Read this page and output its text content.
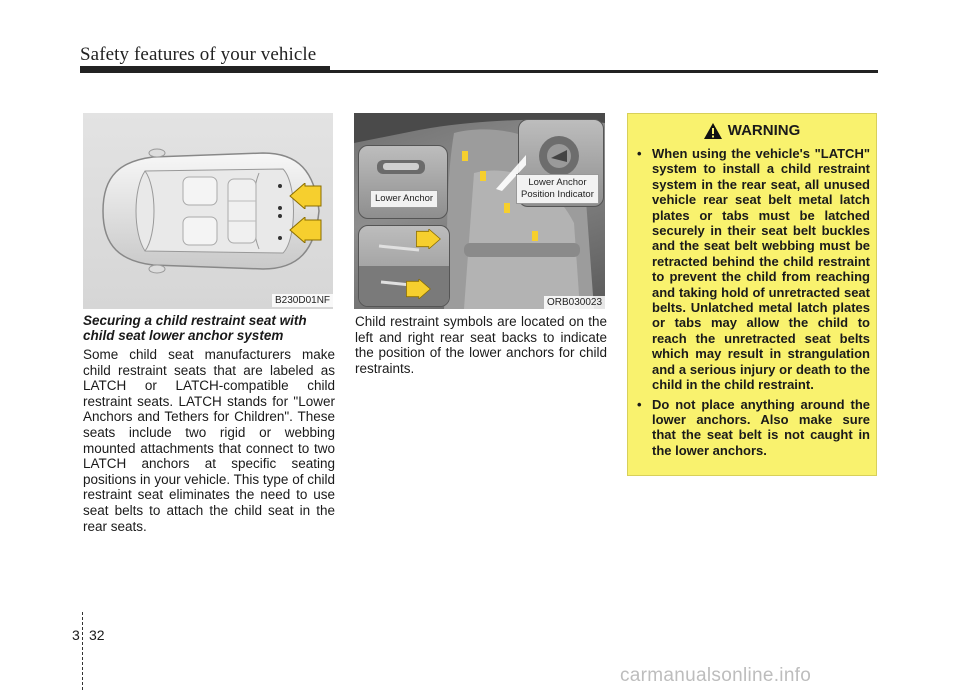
Safety features of your vehicle
B230D01NF
Lower Anchor
Lower Anchor
Position Indicator
ORB030023
Securing a child restraint seat with
child seat lower anchor system

Some child seat manufacturers make child restraint seats that are labeled as LATCH or LATCH-compatible child restraint seats. LATCH stands for "Lower Anchors and Tethers for Children". These seats include two rigid or webbing mounted attachments that connect to two LATCH anchors at specific seating positions in your vehicle. This type of child restraint seat eliminates the need to use seat belts to attach the child seat in the rear seats.

Child restraint symbols are located on the left and right rear seat backs to indicate the position of the lower anchors for child restraints.

WARNING
• When using the vehicle's "LATCH" system to install a child restraint system in the rear seat, all unused vehicle rear seat belt metal latch plates or tabs must be latched securely in their seat belt buckles and the seat belt webbing must be retracted behind the child restraint to prevent the child from reaching and taking hold of unretracted seat belts. Unlatched metal latch plates or tabs may allow the child to reach the unretracted seat belts which may result in strangulation and a serious injury or death to the child in the child restraint.
• Do not place anything around the lower anchors. Also make sure that the seat belt is not caught in the lower anchors.
3 32
carmanualsonline.info
